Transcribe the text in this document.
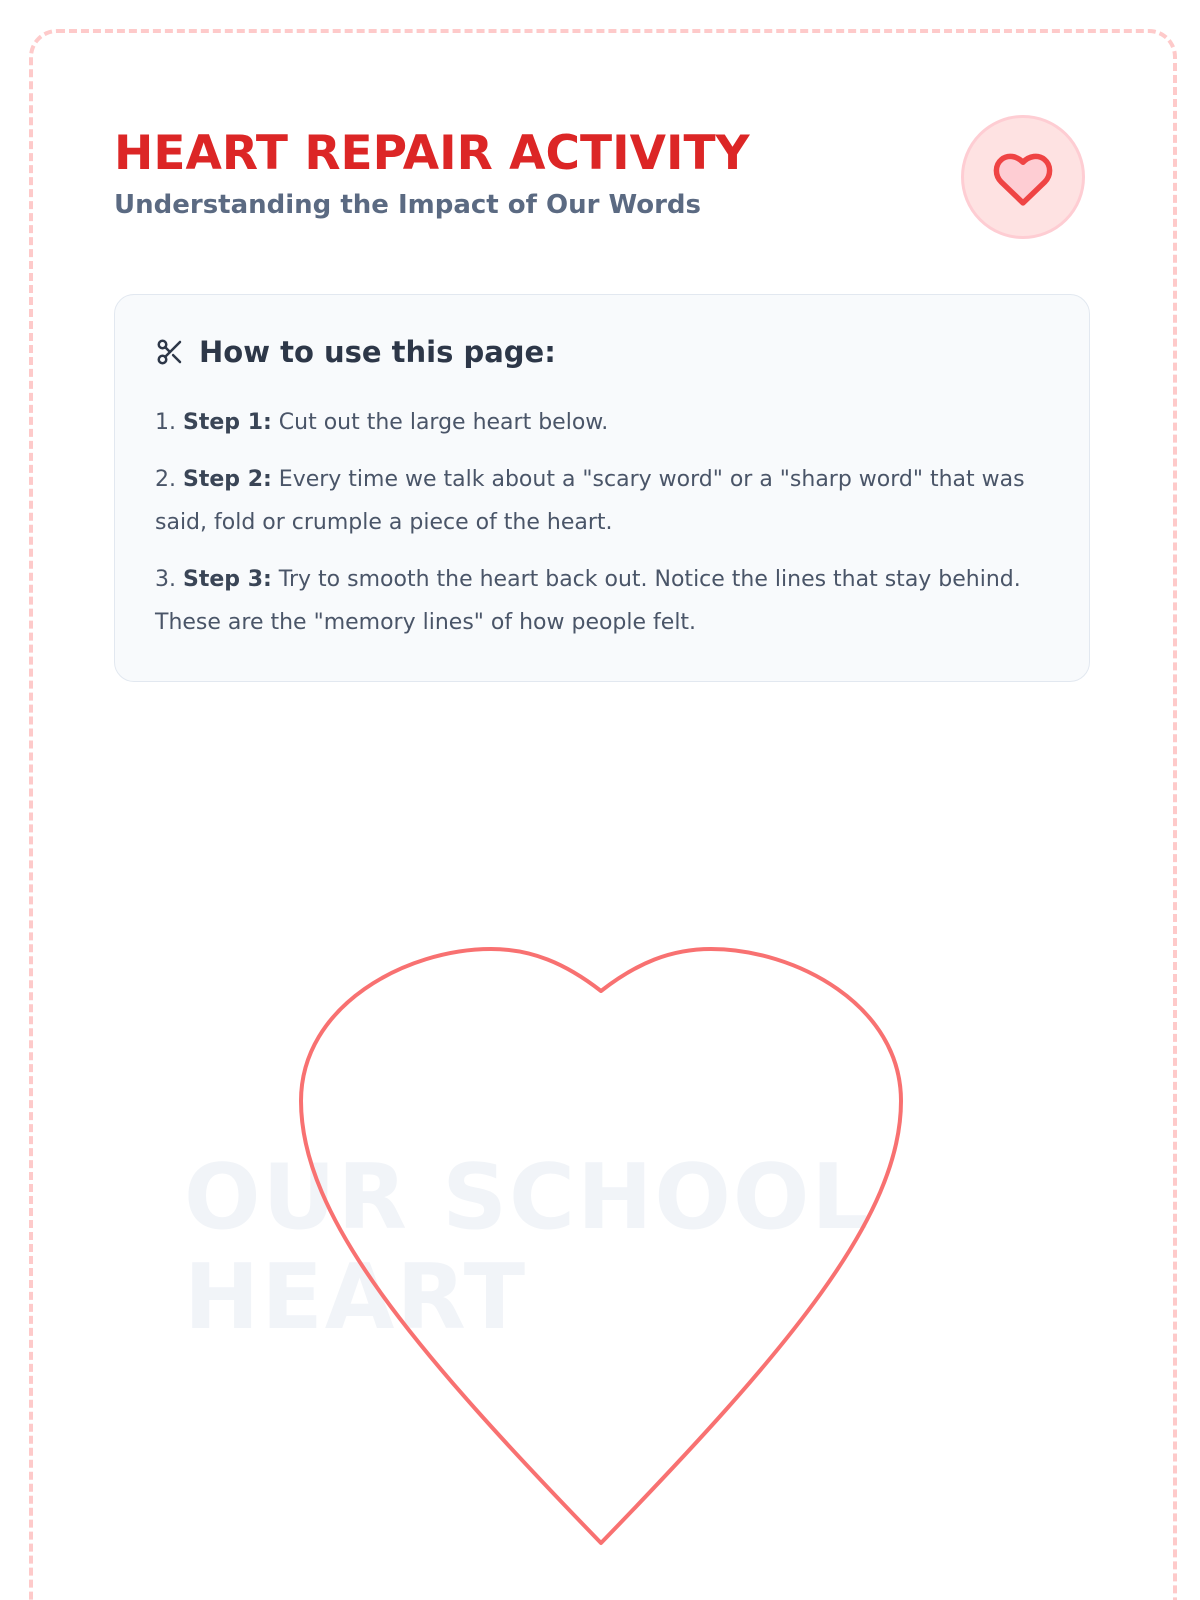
HEART REPAIR ACTIVITY

Understanding the Impact of Our Words

How to use this page:
1. Step 1: Cut out the large heart below.
2. Step 2: Every time we talk about a "scary word" or a "sharp word" that was said, fold or crumple a piece of the heart.
3. Step 3: Try to smooth the heart back out. Notice the lines that stay behind. These are the "memory lines" of how people felt.
OUR SCHOOL
HEART
